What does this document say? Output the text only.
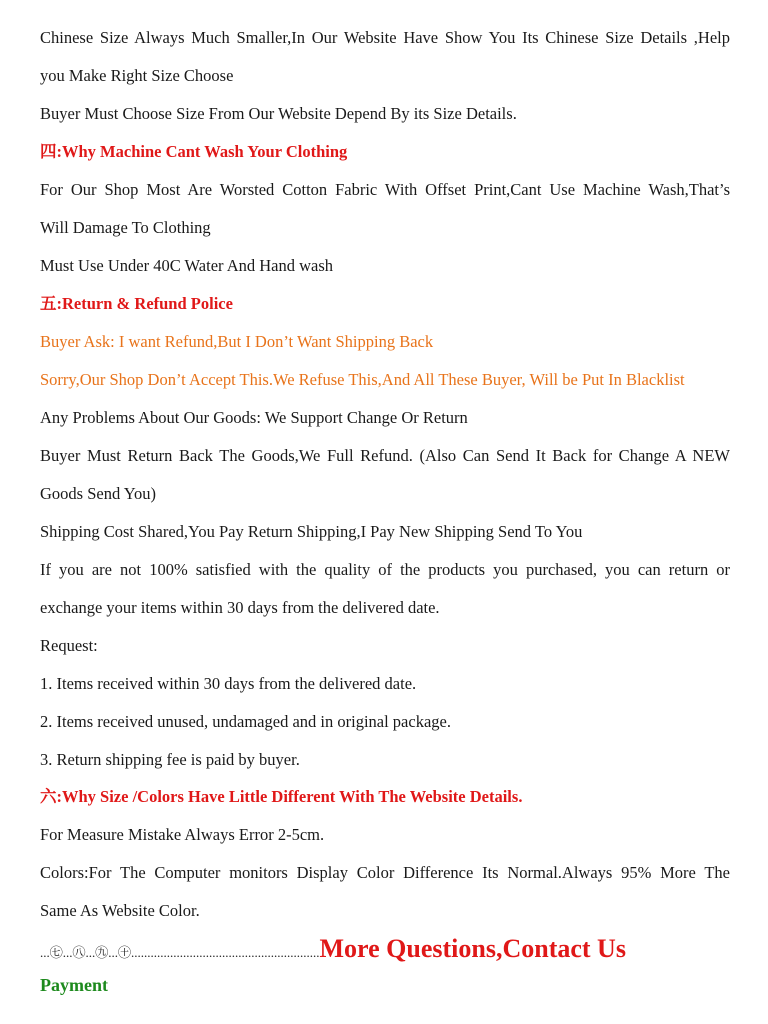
Chinese Size Always Much Smaller,In Our Website Have Show You Its Chinese Size Details ,Help
you Make Right Size Choose
Buyer Must Choose Size From Our Website Depend By its Size Details.
四:Why Machine Cant Wash Your Clothing
For Our Shop Most Are Worsted Cotton Fabric With Offset Print,Cant Use Machine Wash,That’s
Will Damage To Clothing
Must Use Under 40C Water And Hand wash
五:Return & Refund Police
Buyer Ask: I want Refund,But I Don’t Want Shipping Back
Sorry,Our Shop Don’t Accept This.We Refuse This,And All These Buyer, Will be Put In Blacklist
Any Problems About Our Goods: We Support Change Or Return
Buyer Must Return Back The Goods,We Full Refund. (Also Can Send It Back for Change A NEW
Goods Send You)
Shipping Cost Shared,You Pay Return Shipping,I Pay New Shipping Send To You
If you are not 100% satisfied with the quality of the products you purchased, you can return or
exchange your items within 30 days from the delivered date.
Request:
1. Items received within 30 days from the delivered date.
2. Items received unused, undamaged and in original package.
3. Return shipping fee is paid by buyer.
六:Why Size /Colors Have Little Different With The Website Details.
For Measure Mistake Always Error 2-5cm.
Colors:For The Computer monitors Display Color Difference Its Normal.Always 95% More The
Same As Website Color.
...㊆...㊇...㊈...㊉.......................................................... More Questions,Contact Us
Payment
